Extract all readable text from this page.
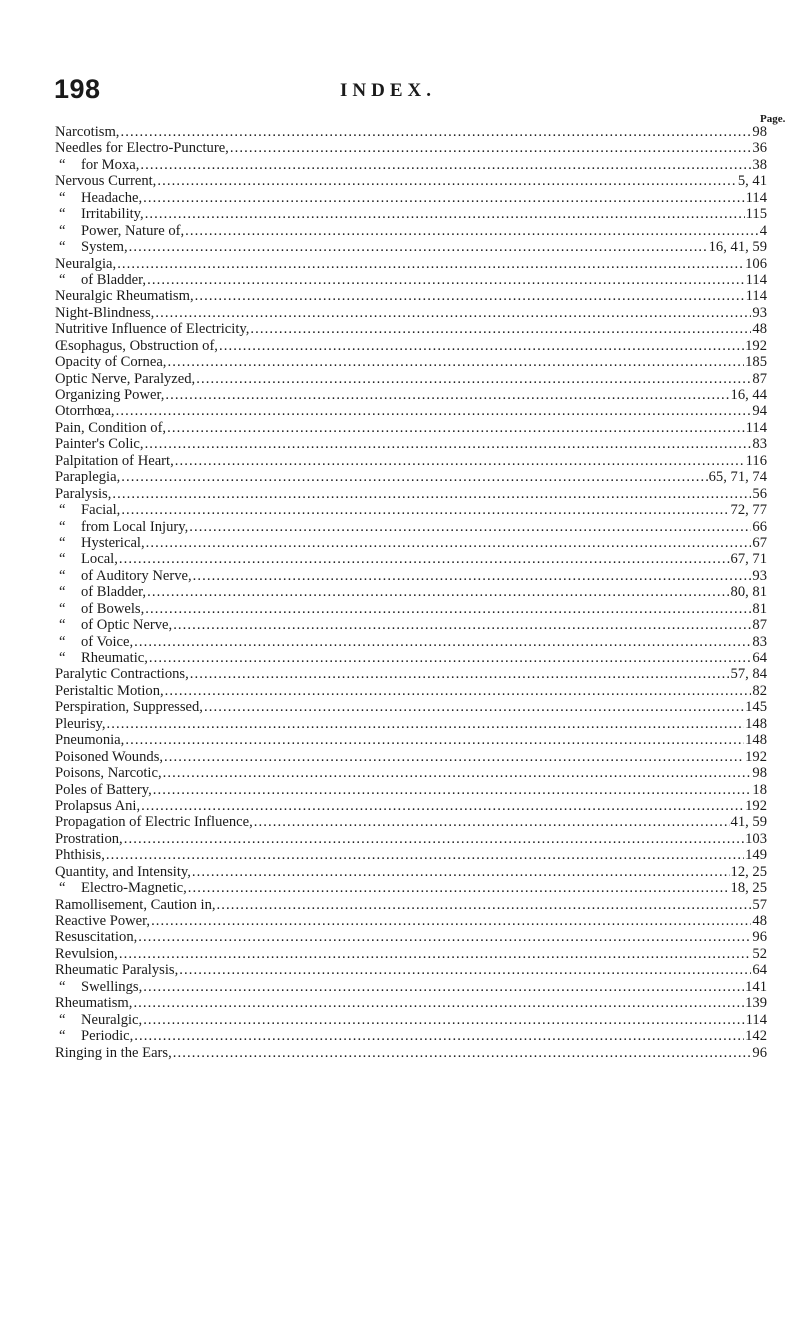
198	INDEX.
Page.
Narcotism, .....	98
Needles for Electro-Puncture, .....	36
“ for Moxa, .....	38
Nervous Current, .....	5, 41
“ Headache, .....	114
“ Irritability, .....	115
“ Power, Nature of, .....	4
“ System, .....	16, 41, 59
Neuralgia, .....	106
“ of Bladder, .....	114
Neuralgic Rheumatism, .....	114
Night-Blindness, .....	93
Nutritive Influence of Electricity, .....	48
Œsophagus, Obstruction of, .....	192
Opacity of Cornea, .....	185
Optic Nerve, Paralyzed, .....	87
Organizing Power, .....	16, 44
Otorrhœa, .....	94
Pain, Condition of, .....	114
Painter's Colic, .....	83
Palpitation of Heart, .....	116
Paraplegia, .....	65, 71, 74
Paralysis, .....	56
“ Facial, .....	72, 77
“ from Local Injury, .....	66
“ Hysterical, .....	67
“ Local, .....	67, 71
“ of Auditory Nerve, .....	93
“ of Bladder, .....	80, 81
“ of Bowels, .....	81
“ of Optic Nerve, .....	87
“ of Voice, .....	83
“ Rheumatic, .....	64
Paralytic Contractions, .....	57, 84
Peristaltic Motion, .....	82
Perspiration, Suppressed, .....	145
Pleurisy, .....	148
Pneumonia, .....	148
Poisoned Wounds, .....	192
Poisons, Narcotic, .....	98
Poles of Battery, .....	18
Prolapsus Ani, .....	192
Propagation of Electric Influence, .....	41, 59
Prostration, .....	103
Phthisis, .....	149
Quantity, and Intensity, .....	12, 25
“ Electro-Magnetic, .....	18, 25
Ramollisement, Caution in, .....	57
Reactive Power, .....	48
Resuscitation, .....	96
Revulsion, .....	52
Rheumatic Paralysis, .....	64
“ Swellings, .....	141
Rheumatism, .....	139
“ Neuralgic, .....	114
“ Periodic, .....	142
Ringing in the Ears, .....	96
